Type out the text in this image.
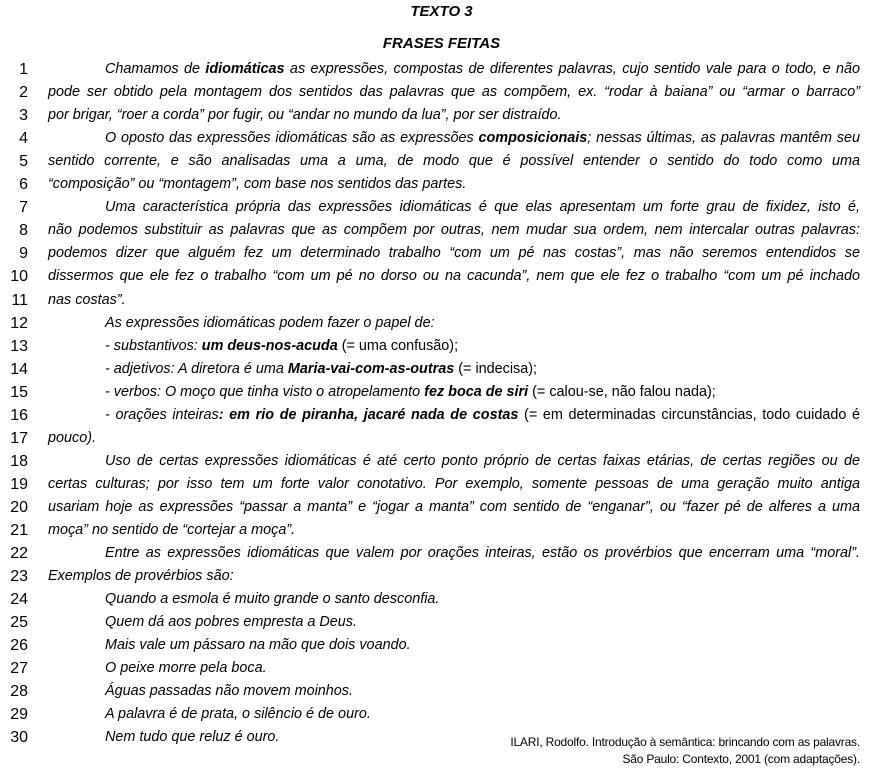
TEXTO 3
FRASES FEITAS
1	Chamamos de idiomáticas as expressões, compostas de diferentes palavras, cujo sentido vale para o todo, e não
2 pode ser obtido pela montagem dos sentidos das palavras que as compõem, ex. “rodar à baiana” ou “armar o barraco”
3 por brigar, “roer a corda” por fugir, ou “andar no mundo da lua”, por ser distraído.
4	O oposto das expressões idiomáticas são as expressões composicionais; nessas últimas, as palavras mantêm seu
5 sentido corrente, e são analisadas uma a uma, de modo que é possível entender o sentido do todo como uma
6 “composição” ou “montagem”, com base nos sentidos das partes.
7	Uma característica própria das expressões idiomáticas é que elas apresentam um forte grau de fixidez, isto é,
8 não podemos substituir as palavras que as compõem por outras, nem mudar sua ordem, nem intercalar outras palavras:
9 podemos dizer que alguém fez um determinado trabalho “com um pé nas costas”, mas não seremos entendidos se
10 dissermos que ele fez o trabalho “com um pé no dorso ou na cacunda”, nem que ele fez o trabalho “com um pé inchado
11 nas costas”.
12	As expressões idiomáticas podem fazer o papel de:
13	- substantivos: um deus-nos-acuda (= uma confusão);
14	- adjetivos: A diretora é uma Maria-vai-com-as-outras (= indecisa);
15	- verbos: O moço que tinha visto o atropelamento fez boca de siri (= calou-se, não falou nada);
16	- orações inteiras: em rio de piranha, jacaré nada de costas (= em determinadas circunstâncias, todo cuidado é
17 pouco).
18	Uso de certas expressões idiomáticas é até certo ponto próprio de certas faixas etárias, de certas regiões ou de
19 certas culturas; por isso tem um forte valor conotativo. Por exemplo, somente pessoas de uma geração muito antiga
20 usariam hoje as expressões “passar a manta” e “jogar a manta” com sentido de “enganar”, ou “fazer pé de alferes a uma
21 moça” no sentido de “cortejar a moça”.
22	Entre as expressões idiomáticas que valem por orações inteiras, estão os provérbios que encerram uma “moral”.
23 Exemplos de provérbios são:
24	Quando a esmola é muito grande o santo desconfia.
25	Quem dá aos pobres empresta a Deus.
26	Mais vale um pássaro na mão que dois voando.
27	O peixe morre pela boca.
28	Águas passadas não movem moinhos.
29	A palavra é de prata, o silêncio é de ouro.
30	Nem tudo que reluz é ouro.	ILARI, Rodolfo. Introdução à semântica: brincando com as palavras.
São Paulo: Contexto, 2001 (com adaptações).
